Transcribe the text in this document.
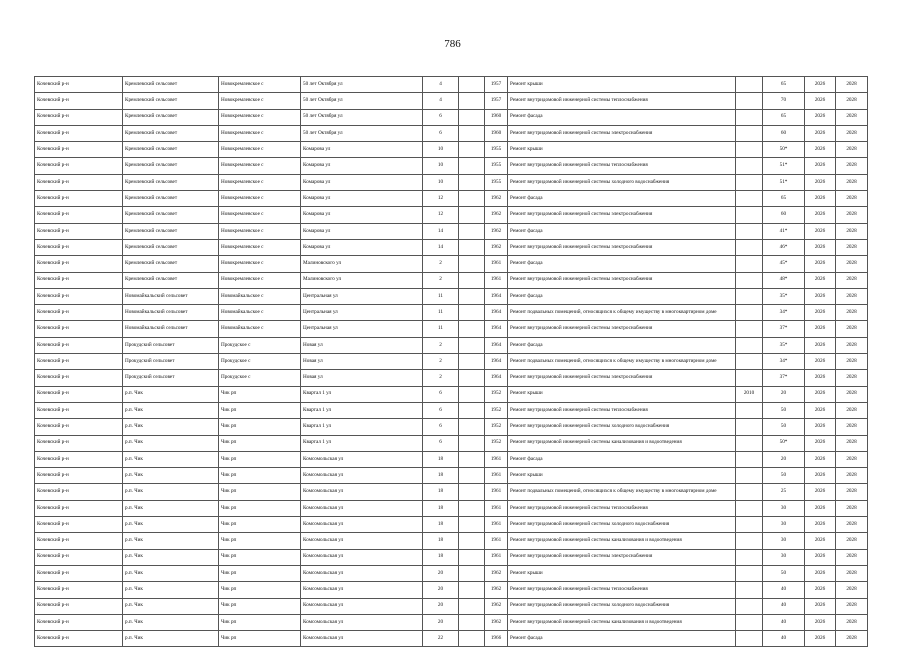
786
Кочевский р-н	Кремлевский сельсовет	Новокремлевское с	50 лет Октября ул	4		1957	Ремонт крыши		65	2026	2028
Кочевский р-н	Кремлевский сельсовет	Новокремлевское с	50 лет Октября ул	4		1957	Ремонт внутридомовой инженерной системы теплоснабжения		70	2026	2028
Кочевский р-н	Кремлевский сельсовет	Новокремлевское с	50 лет Октября ул	6		1960	Ремонт фасада		65	2026	2028
Кочевский р-н	Кремлевский сельсовет	Новокремлевское с	50 лет Октября ул	6		1960	Ремонт внутридомовой инженерной системы электроснабжения		60	2026	2028
Кочевский р-н	Кремлевский сельсовет	Новокремлевское с	Комарова ул	10		1955	Ремонт крыши		50*	2026	2028
Кочевский р-н	Кремлевский сельсовет	Новокремлевское с	Комарова ул	10		1955	Ремонт внутридомовой инженерной системы теплоснабжения		51*	2026	2028
Кочевский р-н	Кремлевский сельсовет	Новокремлевское с	Комарова ул	10		1955	Ремонт внутридомовой инженерной системы холодного водоснабжения		51*	2026	2028
Кочевский р-н	Кремлевский сельсовет	Новокремлевское с	Комарова ул	12		1962	Ремонт фасада		65	2026	2028
Кочевский р-н	Кремлевский сельсовет	Новокремлевское с	Комарова ул	12		1962	Ремонт внутридомовой инженерной системы электроснабжения		60	2026	2028
Кочевский р-н	Кремлевский сельсовет	Новокремлевское с	Комарова ул	14		1962	Ремонт фасада		41*	2026	2028
Кочевский р-н	Кремлевский сельсовет	Новокремлевское с	Комарова ул	14		1962	Ремонт внутридомовой инженерной системы электроснабжения		46*	2026	2028
Кочевский р-н	Кремлевский сельсовет	Новокремлевское с	Малиновского ул	2		1961	Ремонт фасада		45*	2026	2028
Кочевский р-н	Кремлевский сельсовет	Новокремлевское с	Малиновского ул	2		1961	Ремонт внутридомовой инженерной системы электроснабжения		48*	2026	2028
Кочевский р-н	Новомайкальский сельсовет	Новомайкальское с	Центральная ул	11		1964	Ремонт фасада		35*	2026	2028
Кочевский р-н	Новомайкальский сельсовет	Новомайкальское с	Центральная ул	11		1964	Ремонт подвальных помещений, относящихся к общему имуществу в многоквартирном доме		34*	2026	2028
Кочевский р-н	Новомайкальский сельсовет	Новомайкальское с	Центральная ул	11		1964	Ремонт внутридомовой инженерной системы электроснабжения		37*	2026	2028
Кочевский р-н	Прокудский сельсовет	Прокудское с	Новая ул	2		1964	Ремонт фасада		35*	2026	2028
Кочевский р-н	Прокудский сельсовет	Прокудское с	Новая ул	2		1964	Ремонт подвальных помещений, относящихся к общему имуществу в многоквартирном доме		34*	2026	2028
Кочевский р-н	Прокудский сельсовет	Прокудское с	Новая ул	2		1964	Ремонт внутридомовой инженерной системы электроснабжения		37*	2026	2028
Кочевский р-н	р.п. Чик	Чик рп	Квартал 1 ул	6		1952	Ремонт крыши	2010	20	2026	2028
Кочевский р-н	р.п. Чик	Чик рп	Квартал 1 ул	6		1952	Ремонт внутридомовой инженерной системы теплоснабжения		50	2026	2028
Кочевский р-н	р.п. Чик	Чик рп	Квартал 1 ул	6		1952	Ремонт внутридомовой инженерной системы холодного водоснабжения		50	2026	2028
Кочевский р-н	р.п. Чик	Чик рп	Квартал 1 ул	6		1952	Ремонт внутридомовой инженерной системы канализования и водоотведения		50*	2026	2028
Кочевский р-н	р.п. Чик	Чик рп	Комсомольская ул	18		1961	Ремонт фасада		20	2026	2028
Кочевский р-н	р.п. Чик	Чик рп	Комсомольская ул	18		1961	Ремонт крыши		50	2026	2028
Кочевский р-н	р.п. Чик	Чик рп	Комсомольская ул	18		1961	Ремонт подвальных помещений, относящихся к общему имуществу в многоквартирном доме		25	2026	2028
Кочевский р-н	р.п. Чик	Чик рп	Комсомольская ул	18		1961	Ремонт внутридомовой инженерной системы теплоснабжения		30	2026	2028
Кочевский р-н	р.п. Чик	Чик рп	Комсомольская ул	18		1961	Ремонт внутридомовой инженерной системы холодного водоснабжения		30	2026	2028
Кочевский р-н	р.п. Чик	Чик рп	Комсомольская ул	18		1961	Ремонт внутридомовой инженерной системы канализования и водоотведения		30	2026	2028
Кочевский р-н	р.п. Чик	Чик рп	Комсомольская ул	18		1961	Ремонт внутридомовой инженерной системы электроснабжения		30	2026	2028
Кочевский р-н	р.п. Чик	Чик рп	Комсомольская ул	20		1962	Ремонт крыши		50	2026	2028
Кочевский р-н	р.п. Чик	Чик рп	Комсомольская ул	20		1962	Ремонт внутридомовой инженерной системы теплоснабжения		40	2026	2028
Кочевский р-н	р.п. Чик	Чик рп	Комсомольская ул	20		1962	Ремонт внутридомовой инженерной системы холодного водоснабжения		40	2026	2028
Кочевский р-н	р.п. Чик	Чик рп	Комсомольская ул	20		1962	Ремонт внутридомовой инженерной системы канализования и водоотведения		40	2026	2028
Кочевский р-н	р.п. Чик	Чик рп	Комсомольская ул	22		1966	Ремонт фасада		40	2026	2028
